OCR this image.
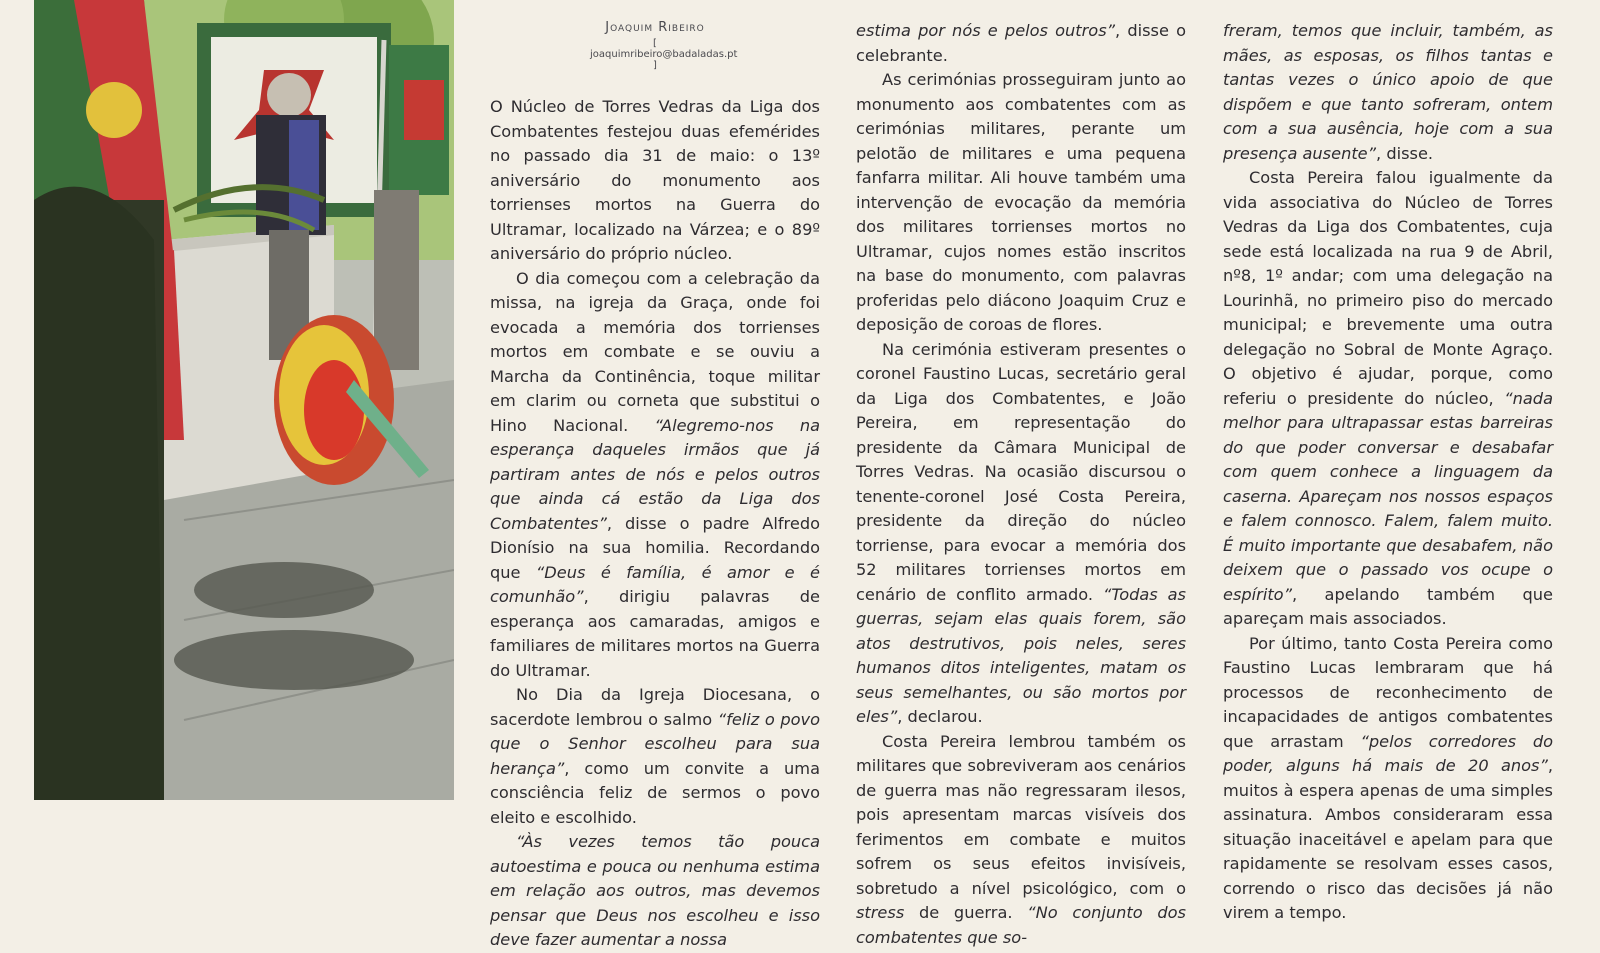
Joaquim Ribeiro
[ joaquimribeiro@badaladas.pt ]

O Núcleo de Torres Vedras da Liga dos Combatentes festejou duas efemérides no passado dia 31 de maio: o 13º aniversário do monumento aos torrienses mortos na Guerra do Ultramar, localizado na Várzea; e o 89º aniversário do próprio núcleo.

O dia começou com a celebração da missa, na igreja da Graça, onde foi evocada a memória dos torrienses mortos em combate e se ouviu a Marcha da Continência, toque militar em clarim ou corneta que substitui o Hino Nacional. “Alegremo-nos na esperança daqueles irmãos que já partiram antes de nós e pelos outros que ainda cá estão da Liga dos Combatentes”, disse o padre Alfredo Dionísio na sua homilia. Recordando que “Deus é família, é amor e é comunhão”, dirigiu palavras de esperança aos camaradas, amigos e familiares de militares mortos na Guerra do Ultramar.

No Dia da Igreja Diocesana, o sacerdote lembrou o salmo “feliz o povo que o Senhor escolheu para sua herança”, como um convite a uma consciência feliz de sermos o povo eleito e escolhido.

“Às vezes temos tão pouca autoestima e pouca ou nenhuma estima em relação aos outros, mas devemos pensar que Deus nos escolheu e isso deve fazer aumentar a nossa

estima por nós e pelos outros”, disse o celebrante.

As cerimónias prosseguiram junto ao monumento aos combatentes com as cerimónias militares, perante um pelotão de militares e uma pequena fanfarra militar. Ali houve também uma intervenção de evocação da memória dos militares torrienses mortos no Ultramar, cujos nomes estão inscritos na base do monumento, com palavras proferidas pelo diácono Joaquim Cruz e deposição de coroas de flores.

Na cerimónia estiveram presentes o coronel Faustino Lucas, secretário geral da Liga dos Combatentes, e João Pereira, em representação do presidente da Câmara Municipal de Torres Vedras. Na ocasião discursou o tenente-coronel José Costa Pereira, presidente da direção do núcleo torriense, para evocar a memória dos 52 militares torrienses mortos em cenário de conflito armado. “Todas as guerras, sejam elas quais forem, são atos destrutivos, pois neles, seres humanos ditos inteligentes, matam os seus semelhantes, ou são mortos por eles”, declarou.

Costa Pereira lembrou também os militares que sobreviveram aos cenários de guerra mas não regressaram ilesos, pois apresentam marcas visíveis dos ferimentos em combate e muitos sofrem os seus efeitos invisíveis, sobretudo a nível psicológico, com o stress de guerra. “No conjunto dos combatentes que so-

freram, temos que incluir, também, as mães, as esposas, os filhos tantas e tantas vezes o único apoio de que dispõem e que tanto sofreram, ontem com a sua ausência, hoje com a sua presença ausente”, disse.

Costa Pereira falou igualmente da vida associativa do Núcleo de Torres Vedras da Liga dos Combatentes, cuja sede está localizada na rua 9 de Abril, nº8, 1º andar; com uma delegação na Lourinhã, no primeiro piso do mercado municipal; e brevemente uma outra delegação no Sobral de Monte Agraço. O objetivo é ajudar, porque, como referiu o presidente do núcleo, “nada melhor para ultrapassar estas barreiras do que poder conversar e desabafar com quem conhece a linguagem da caserna. Apareçam nos nossos espaços e falem connosco. Falem, falem muito. É muito importante que desabafem, não deixem que o passado vos ocupe o espírito”, apelando também que apareçam mais associados.

Por último, tanto Costa Pereira como Faustino Lucas lembraram que há processos de reconhecimento de incapacidades de antigos combatentes que arrastam “pelos corredores do poder, alguns há mais de 20 anos”, muitos à espera apenas de uma simples assinatura. Ambos consideraram essa situação inaceitável e apelam para que rapidamente se resolvam esses casos, correndo o risco das decisões já não virem a tempo.
